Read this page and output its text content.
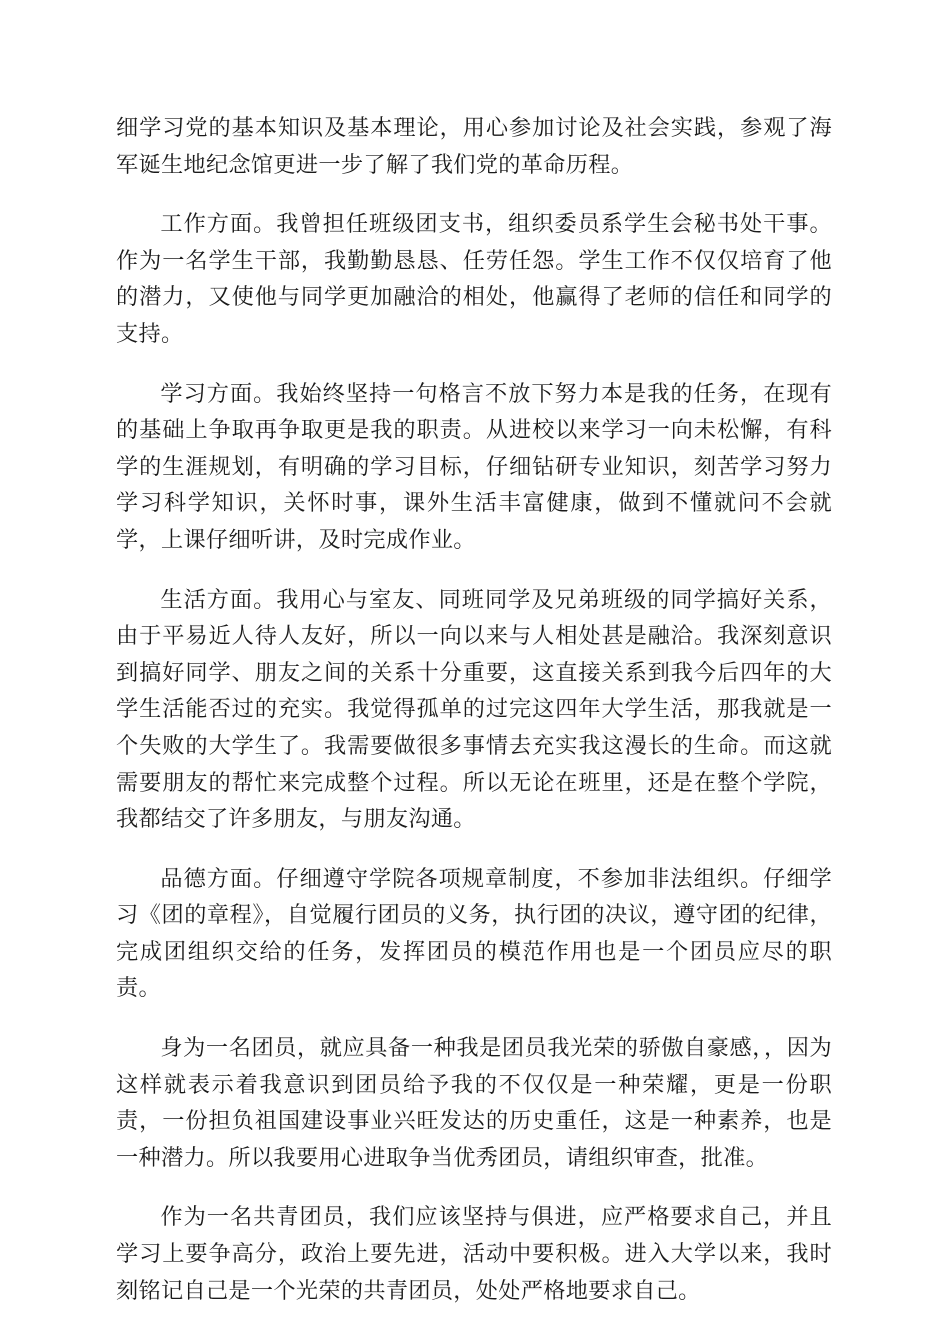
细学习党的基本知识及基本理论，用心参加讨论及社会实践，参观了海军诞生地纪念馆更进一步了解了我们党的革命历程。

工作方面。我曾担任班级团支书，组织委员系学生会秘书处干事。作为一名学生干部，我勤勤恳恳、任劳任怨。学生工作不仅仅培育了他的潜力，又使他与同学更加融洽的相处，他赢得了老师的信任和同学的支持。

学习方面。我始终坚持一句格言不放下努力本是我的任务，在现有的基础上争取再争取更是我的职责。从进校以来学习一向未松懈，有科学的生涯规划，有明确的学习目标，仔细钻研专业知识，刻苦学习努力学习科学知识，关怀时事，课外生活丰富健康，做到不懂就问不会就学，上课仔细听讲，及时完成作业。

生活方面。我用心与室友、同班同学及兄弟班级的同学搞好关系，由于平易近人待人友好，所以一向以来与人相处甚是融洽。我深刻意识到搞好同学、朋友之间的关系十分重要，这直接关系到我今后四年的大学生活能否过的充实。我觉得孤单的过完这四年大学生活，那我就是一个失败的大学生了。我需要做很多事情去充实我这漫长的生命。而这就需要朋友的帮忙来完成整个过程。所以无论在班里，还是在整个学院，我都结交了许多朋友，与朋友沟通。

品德方面。仔细遵守学院各项规章制度，不参加非法组织。仔细学习《团的章程》，自觉履行团员的义务，执行团的决议，遵守团的纪律，完成团组织交给的任务，发挥团员的模范作用也是一个团员应尽的职责。

身为一名团员，就应具备一种我是团员我光荣的骄傲自豪感，，因为这样就表示着我意识到团员给予我的不仅仅是一种荣耀，更是一份职责，一份担负祖国建设事业兴旺发达的历史重任，这是一种素养，也是一种潜力。所以我要用心进取争当优秀团员，请组织审查，批准。

作为一名共青团员，我们应该坚持与俱进，应严格要求自己，并且学习上要争高分，政治上要先进，活动中要积极。进入大学以来，我时刻铭记自己是一个光荣的共青团员，处处严格地要求自己。
